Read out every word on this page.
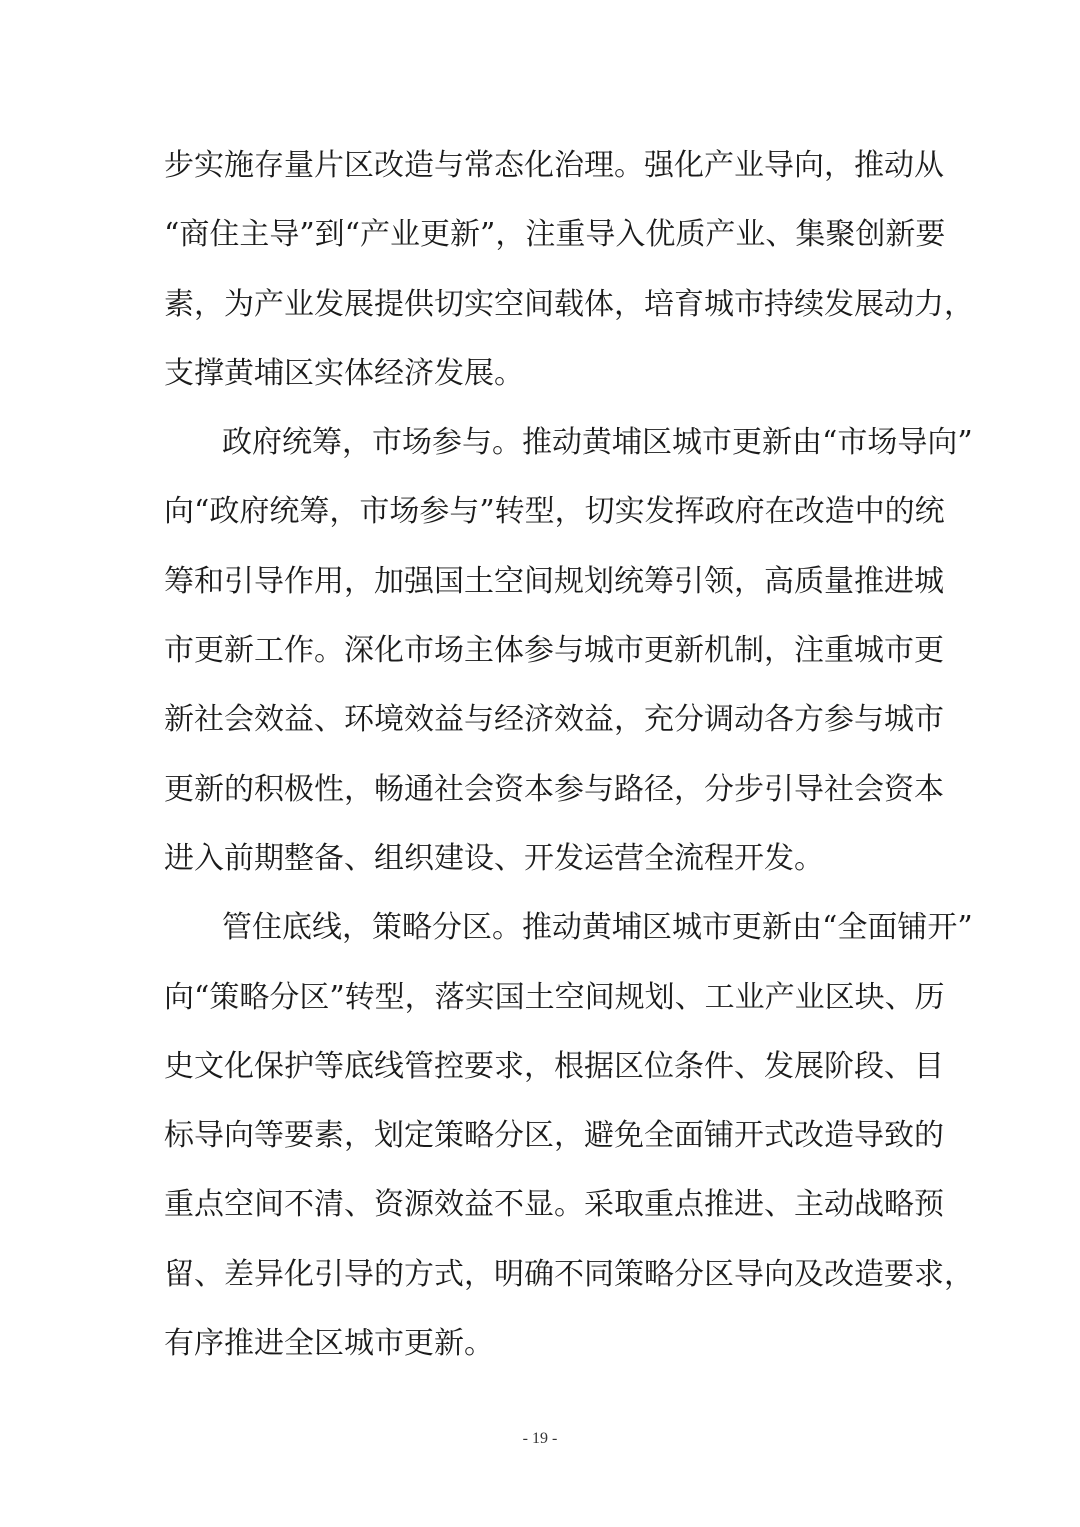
步实施存量片区改造与常态化治理。强化产业导向，推动从
“商住主导”到“产业更新”，注重导入优质产业、集聚创新要
素，为产业发展提供切实空间载体，培育城市持续发展动力，
支撑黄埔区实体经济发展。
政府统筹，市场参与。推动黄埔区城市更新由“市场导向”
向“政府统筹，市场参与”转型，切实发挥政府在改造中的统
筹和引导作用，加强国土空间规划统筹引领，高质量推进城
市更新工作。深化市场主体参与城市更新机制，注重城市更
新社会效益、环境效益与经济效益，充分调动各方参与城市
更新的积极性，畅通社会资本参与路径，分步引导社会资本
进入前期整备、组织建设、开发运营全流程开发。
管住底线，策略分区。推动黄埔区城市更新由“全面铺开”
向“策略分区”转型，落实国土空间规划、工业产业区块、历
史文化保护等底线管控要求，根据区位条件、发展阶段、目
标导向等要素，划定策略分区，避免全面铺开式改造导致的
重点空间不清、资源效益不显。采取重点推进、主动战略预
留、差异化引导的方式，明确不同策略分区导向及改造要求，
有序推进全区城市更新。
- 19 -
